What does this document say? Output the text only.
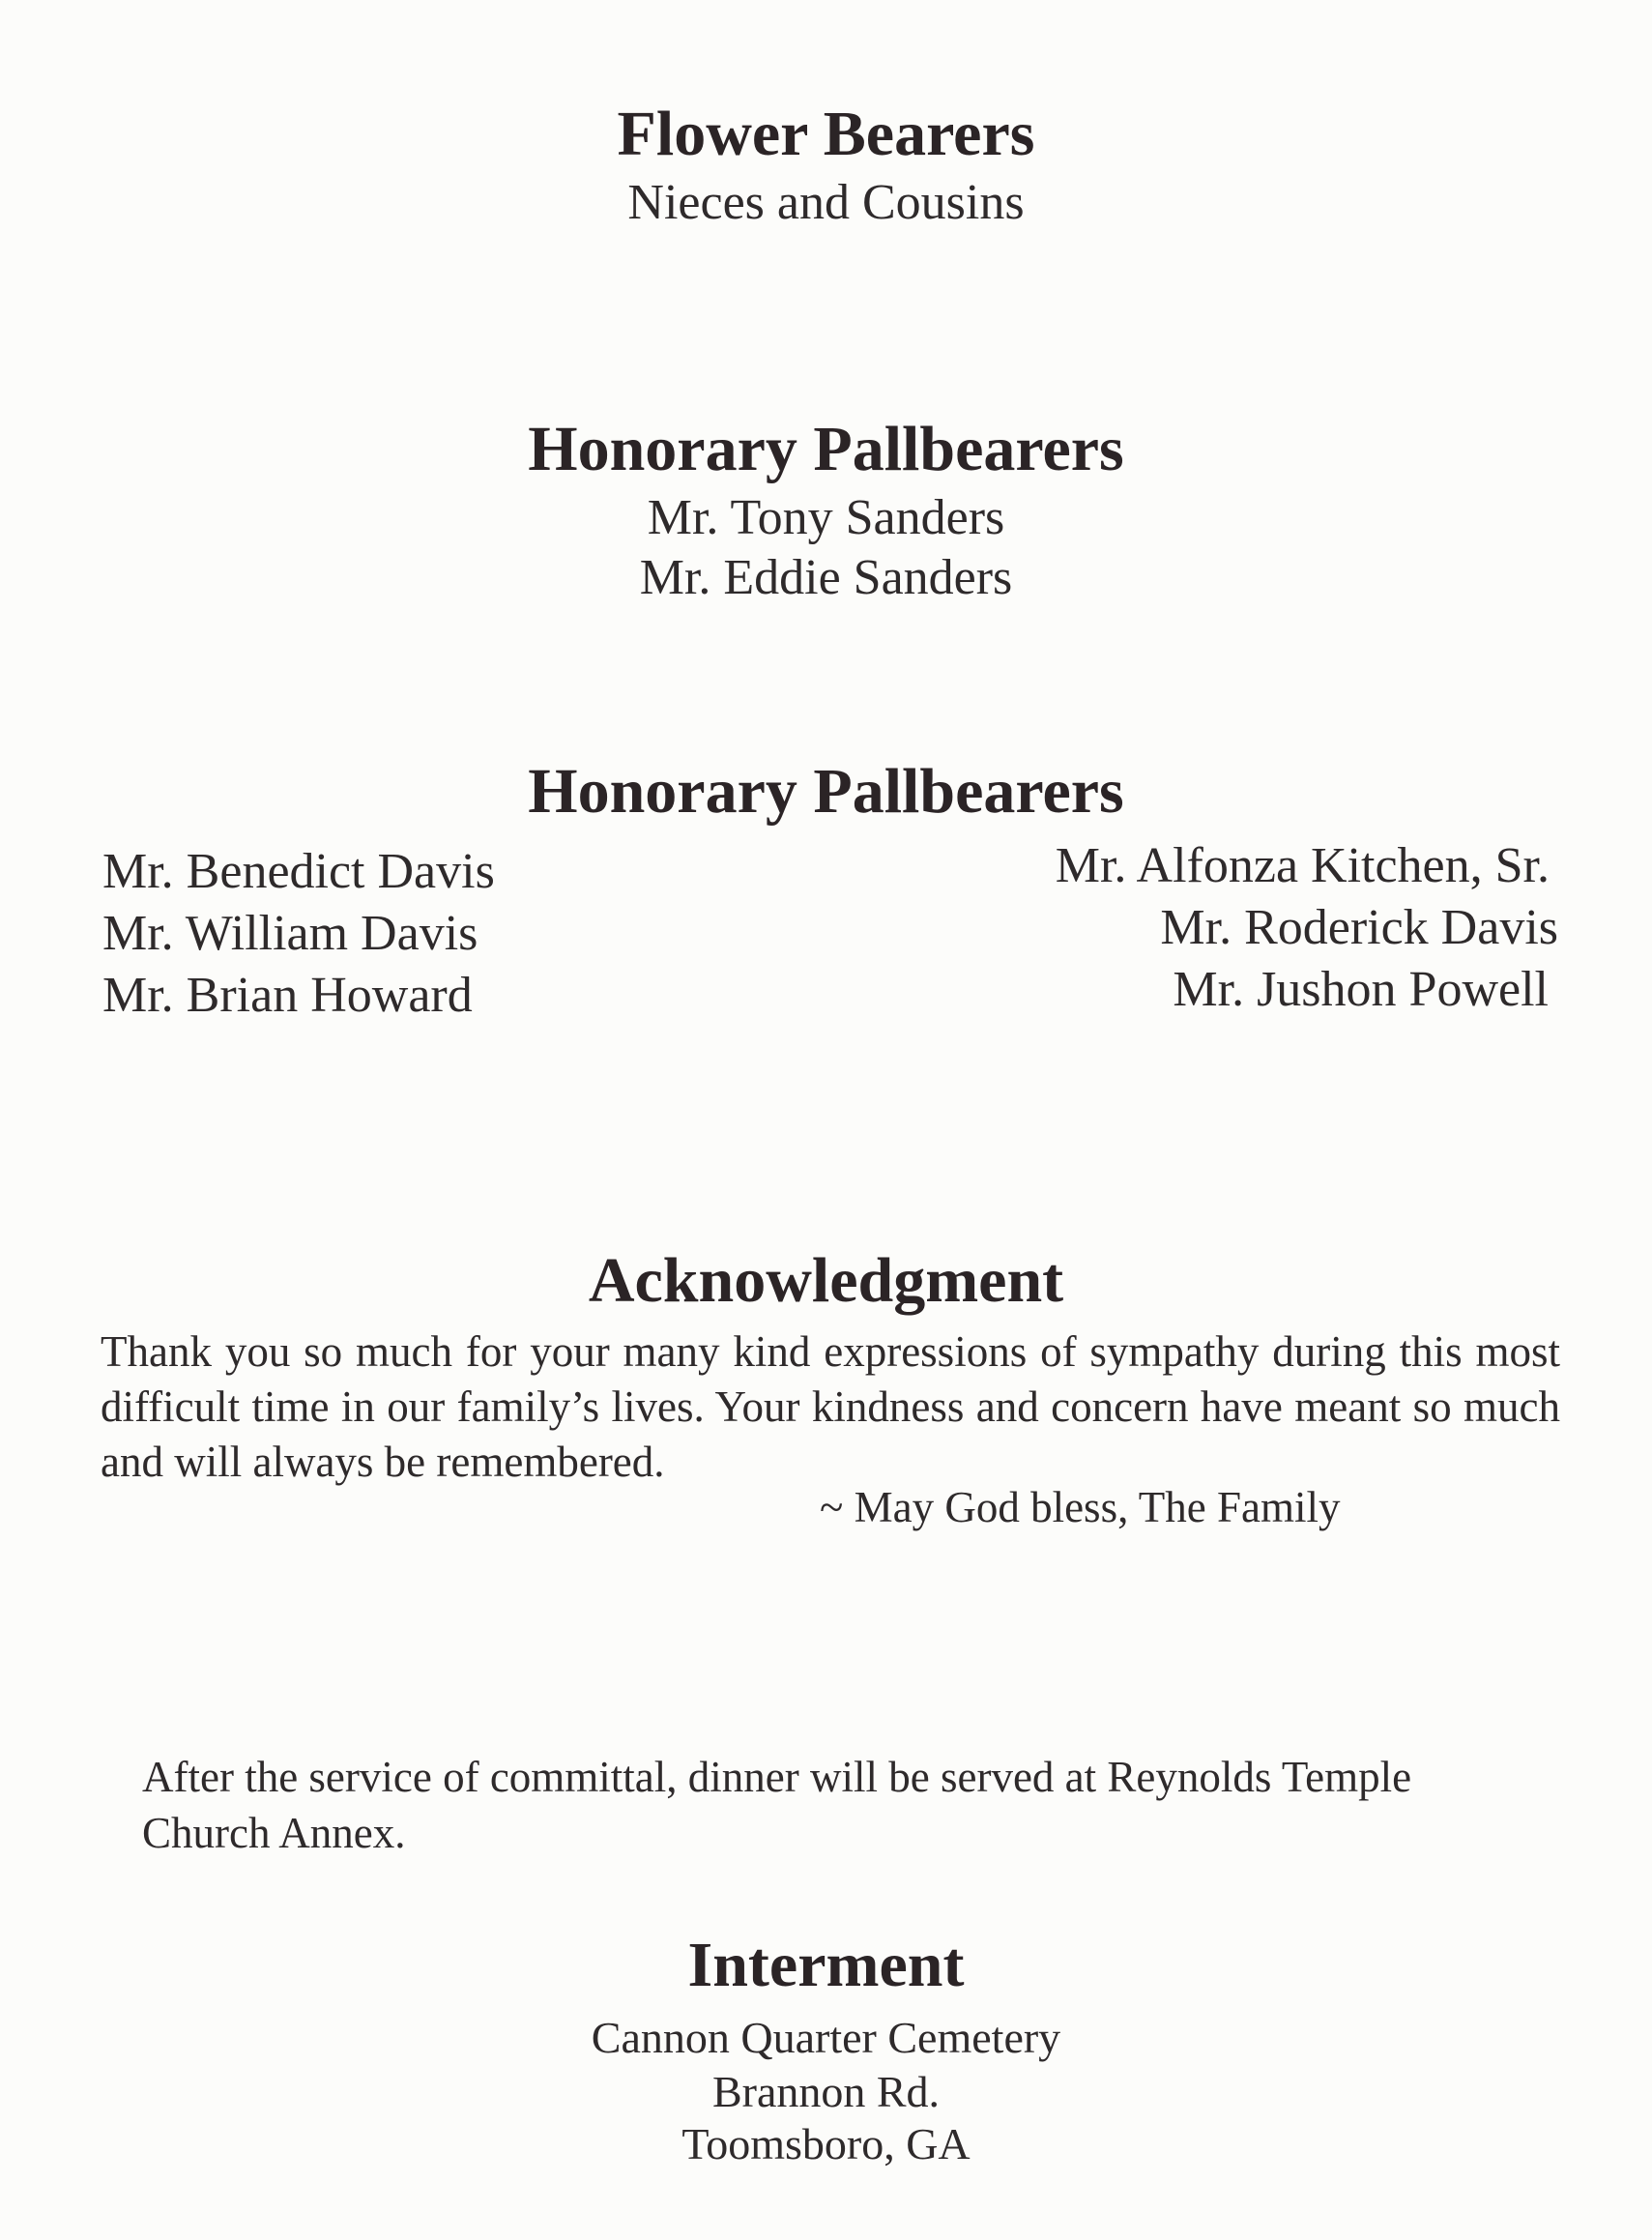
Flower Bearers
Nieces and Cousins
Honorary Pallbearers
Mr. Tony Sanders
Mr. Eddie Sanders
Honorary Pallbearers
Mr. Benedict Davis
Mr. William Davis
Mr. Brian Howard
Mr. Alfonza Kitchen, Sr.
Mr. Roderick Davis
Mr. Jushon Powell
Acknowledgment
Thank you so much for your many kind expressions of sympathy during this most difficult time in our family’s lives. Your kindness and concern have meant so much and will always be remembered.
~ May God bless, The Family
After the service of committal, dinner will be served at Reynolds Temple Church Annex.
Interment
Cannon Quarter Cemetery
Brannon Rd.
Toomsboro, GA
